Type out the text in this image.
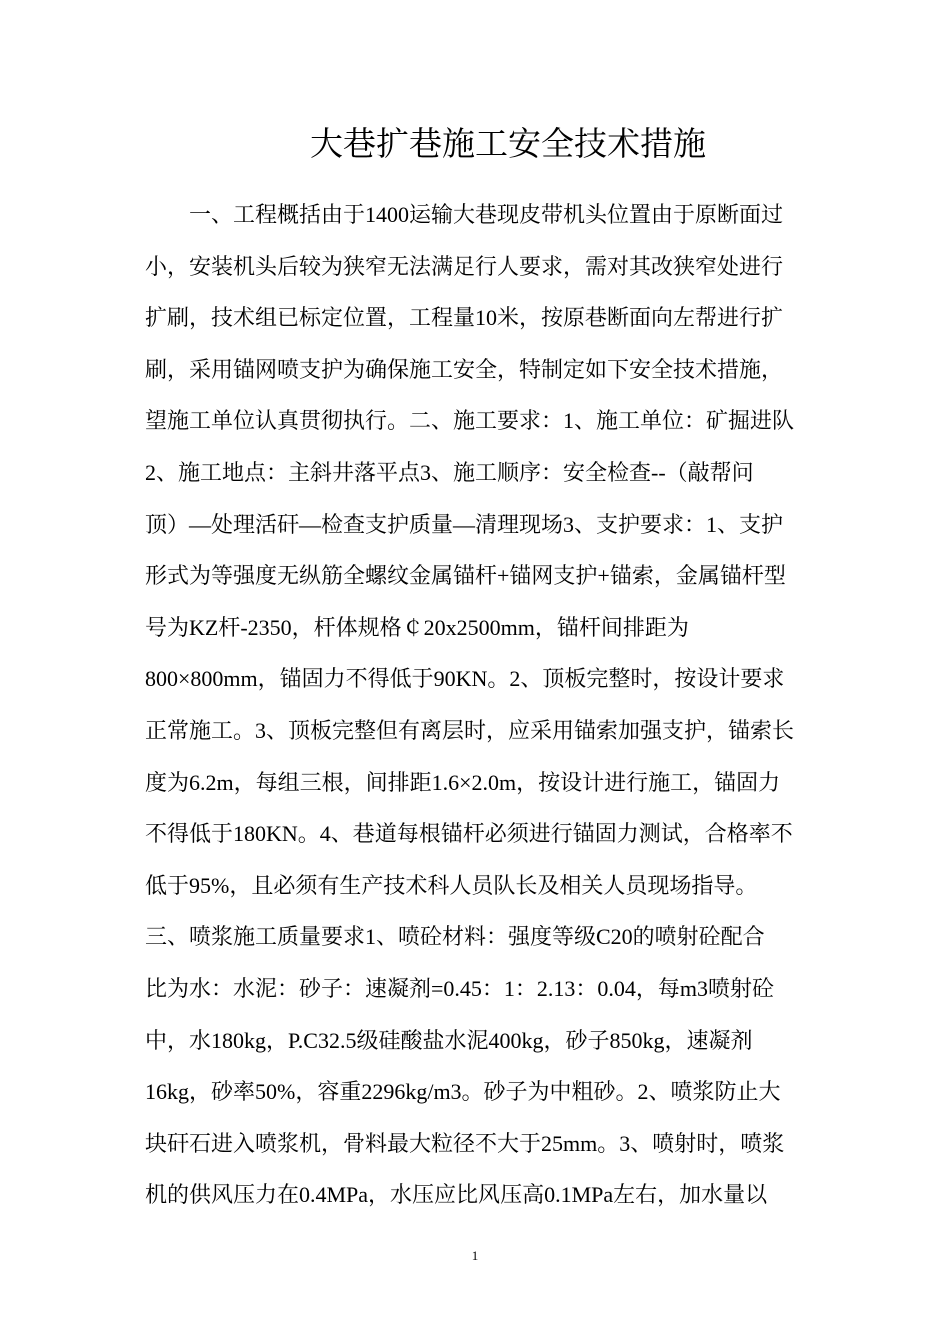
大巷扩巷施工安全技术措施
　　一、工程概括由于1400运输大巷现皮带机头位置由于原断面过
小，安装机头后较为狭窄无法满足行人要求，需对其改狭窄处进行
扩刷，技术组已标定位置，工程量10米，按原巷断面向左帮进行扩
刷，采用锚网喷支护为确保施工安全，特制定如下安全技术措施，
望施工单位认真贯彻执行。二、施工要求：1、施工单位：矿掘进队
2、施工地点：主斜井落平点3、施工顺序：安全检查--（敲帮问
顶）—处理活矸—检查支护质量—清理现场3、支护要求：1、支护
形式为等强度无纵筋全螺纹金属锚杆+锚网支护+锚索，金属锚杆型
号为KZ杆-2350，杆体规格￠20x2500mm，锚杆间排距为
800×800mm，锚固力不得低于90KN。2、顶板完整时，按设计要求
正常施工。3、顶板完整但有离层时，应采用锚索加强支护，锚索长
度为6.2m，每组三根，间排距1.6×2.0m，按设计进行施工，锚固力
不得低于180KN。4、巷道每根锚杆必须进行锚固力测试，合格率不
低于95%，且必须有生产技术科人员队长及相关人员现场指导。
三、喷浆施工质量要求1、喷砼材料：强度等级C20的喷射砼配合
比为水：水泥：砂子：速凝剂=0.45：1：2.13：0.04，每m3喷射砼
中，水180kg，P.C32.5级硅酸盐水泥400kg，砂子850kg，速凝剂
16kg，砂率50%，容重2296kg/m3。砂子为中粗砂。2、喷浆防止大
块矸石进入喷浆机，骨料最大粒径不大于25mm。3、喷射时，喷浆
机的供风压力在0.4MPa，水压应比风压高0.1MPa左右，加水量以
1
